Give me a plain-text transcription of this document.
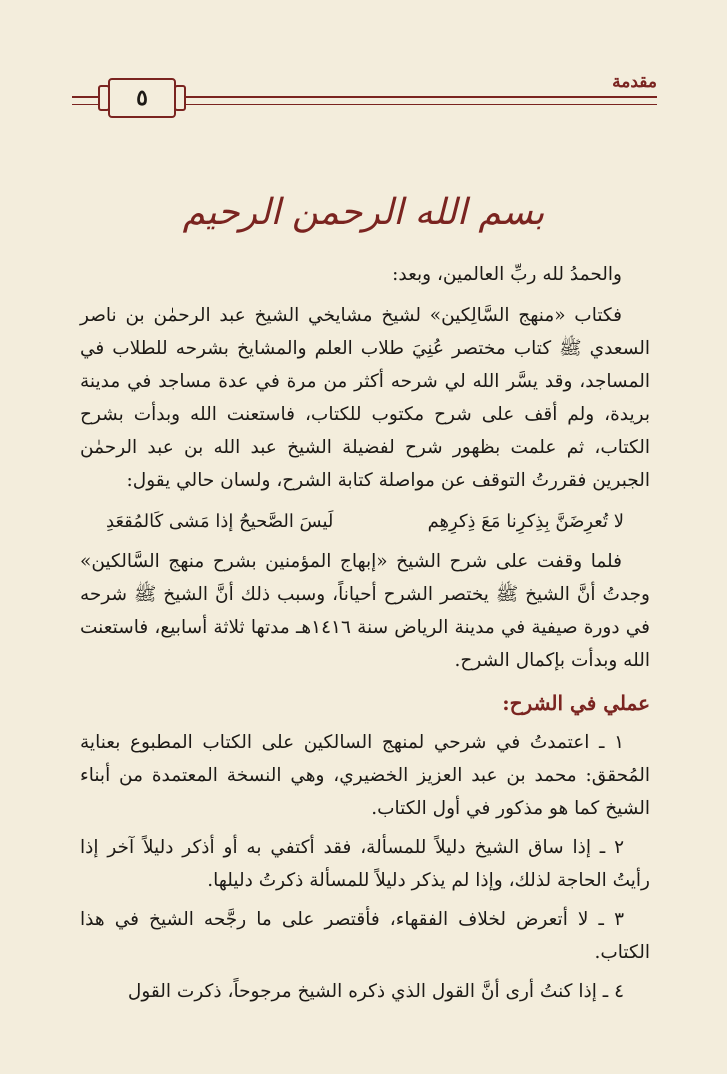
مقدمة
٥
بسم الله الرحمن الرحيم

والحمدُ لله ربِّ العالمين، وبعد:

فكتاب «منهج السَّالِكين» لشيخ مشايخي الشيخ عبد الرحمٰن بن ناصر السعدي ﷺ كتاب مختصر عُنِيَ طلاب العلم والمشايخ بشرحه للطلاب في المساجد، وقد يسَّر الله لي شرحه أكثر من مرة في عدة مساجد في مدينة بريدة، ولم أقف على شرح مكتوب للكتاب، فاستعنت الله وبدأت بشرح الكتاب، ثم علمت بظهور شرح لفضيلة الشيخ عبد الله بن عبد الرحمٰن الجبرين فقررتُ التوقف عن مواصلة كتابة الشرح، ولسان حالي يقول:

لا تُعرِضَنَّ بِذِكرِنا مَعَ ذِكرِهِم
لَيسَ الصَّحيحُ إذا مَشى كَالمُقعَدِ

فلما وقفت على شرح الشيخ «إبهاج المؤمنين بشرح منهج السَّالكين» وجدتُ أنَّ الشيخ ﷺ يختصر الشرح أحياناً، وسبب ذلك أنَّ الشيخ ﷺ شرحه في دورة صيفية في مدينة الرياض سنة ١٤١٦هـ مدتها ثلاثة أسابيع، فاستعنت الله وبدأت بإكمال الشرح.

عملي في الشرح:

١ ـ اعتمدتُ في شرحي لمنهج السالكين على الكتاب المطبوع بعناية المُحقق: محمد بن عبد العزيز الخضيري، وهي النسخة المعتمدة من أبناء الشيخ كما هو مذكور في أول الكتاب.

٢ ـ إذا ساق الشيخ دليلاً للمسألة، فقد أكتفي به أو أذكر دليلاً آخر إذا رأيتُ الحاجة لذلك، وإذا لم يذكر دليلاً للمسألة ذكرتُ دليلها.

٣ ـ لا أتعرض لخلاف الفقهاء، فأقتصر على ما رجَّحه الشيخ في هذا الكتاب.

٤ ـ إذا كنتُ أرى أنَّ القول الذي ذكره الشيخ مرجوحاً، ذكرت القول
